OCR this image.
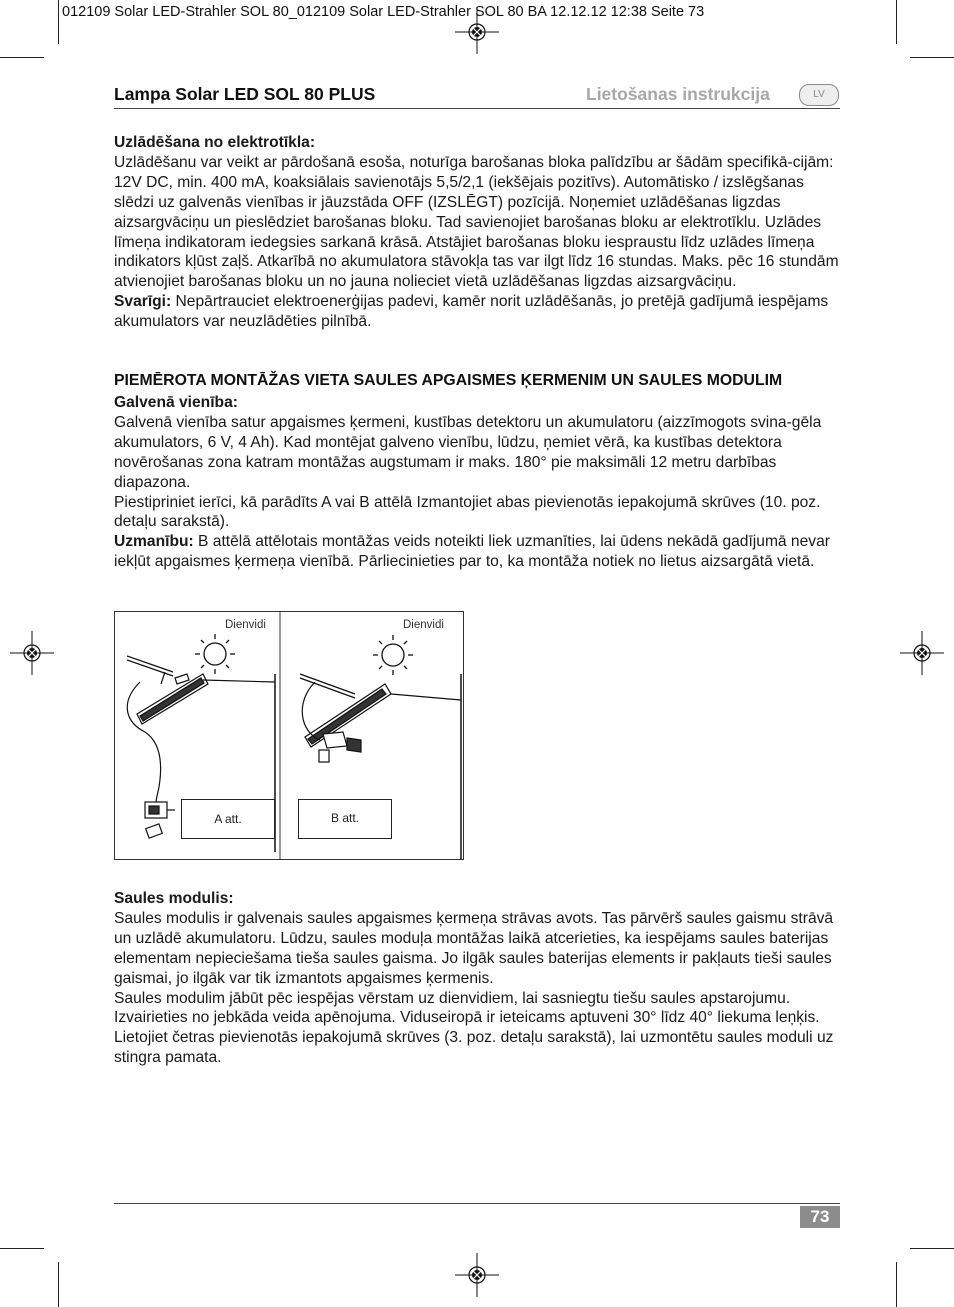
012109 Solar LED-Strahler SOL 80_012109 Solar LED-Strahler SOL 80 BA 12.12.12 12:38 Seite 73
Lampa Solar LED SOL 80 PLUS	Lietošanas instrukcija	LV

Uzlādēšana no elektrotīkla:

Uzlādēšanu var veikt ar pārdošanā esoša, noturīga barošanas bloka palīdzību ar šādām specifikā-cijām: 12V DC, min. 400 mA, koaksiālais savienotājs 5,5/2,1 (iekšējais pozitīvs). Automātisko / izslēgšanas slēdzi uz galvenās vienības ir jāuzstāda OFF (IZSLĒGT) pozīcijā. Noņemiet uzlādēšanas ligzdas aizsargvāciņu un pieslēdziet barošanas bloku. Tad savienojiet barošanas bloku ar elektrotīklu. Uzlādes līmeņa indikatoram iedegsies sarkanā krāsā. Atstājiet barošanas bloku iespraustu līdz uzlādes līmeņa indikators kļūst zaļš. Atkarībā no akumulatora stāvokļa tas var ilgt līdz 16 stundas. Maks. pēc 16 stundām atvienojiet barošanas bloku un no jauna nolieciet vietā uzlādēšanas ligzdas aizsargvāciņu.

Svarīgi: Nepārtrauciet elektroenerģijas padevi, kamēr norit uzlādēšanās, jo pretējā gadījumā iespējams akumulators var neuzlādēties pilnībā.

PIEMĒROTA MONTĀŽAS VIETA SAULES APGAISMES ĶERMENIM UN SAULES MODULIM

Galvenā vienība:

Galvenā vienība satur apgaismes ķermeni, kustības detektoru un akumulatoru (aizzīmogots svina-gēla akumulators, 6 V, 4 Ah). Kad montējat galveno vienību, lūdzu, ņemiet vērā, ka kustības detektora novērošanas zona katram montāžas augstumam ir maks. 180° pie maksimāli 12 metru darbības diapazona.

Piestipriniet ierīci, kā parādīts A vai B attēlā Izmantojiet abas pievienotās iepakojumā skrūves (10. poz. detaļu sarakstā).

Uzmanību: B attēlā attēlotais montāžas veids noteikti liek uzmanīties, lai ūdens nekādā gadījumā nevar iekļūt apgaismes ķermeņa vienībā. Pārliecinieties par to, ka montāža notiek no lietus aizsargātā vietā.

Dienvidi	Dienvidi
A att.	B att.

Saules modulis:

Saules modulis ir galvenais saules apgaismes ķermeņa strāvas avots. Tas pārvērš saules gaismu strāvā un uzlādē akumulatoru. Lūdzu, saules moduļa montāžas laikā atcerieties, ka iespējams saules baterijas elementam nepieciešama tieša saules gaisma. Jo ilgāk saules baterijas elements ir pakļauts tieši saules gaismai, jo ilgāk var tik izmantots apgaismes ķermenis.

Saules modulim jābūt pēc iespējas vērstam uz dienvidiem, lai sasniegtu tiešu saules apstarojumu. Izvairieties no jebkāda veida apēnojuma. Viduseiropā ir ieteicams aptuveni 30° līdz 40° liekuma leņķis. Lietojiet četras pievienotās iepakojumā skrūves (3. poz. detaļu sarakstā), lai uzmontētu saules moduli uz stingra pamata.

73
